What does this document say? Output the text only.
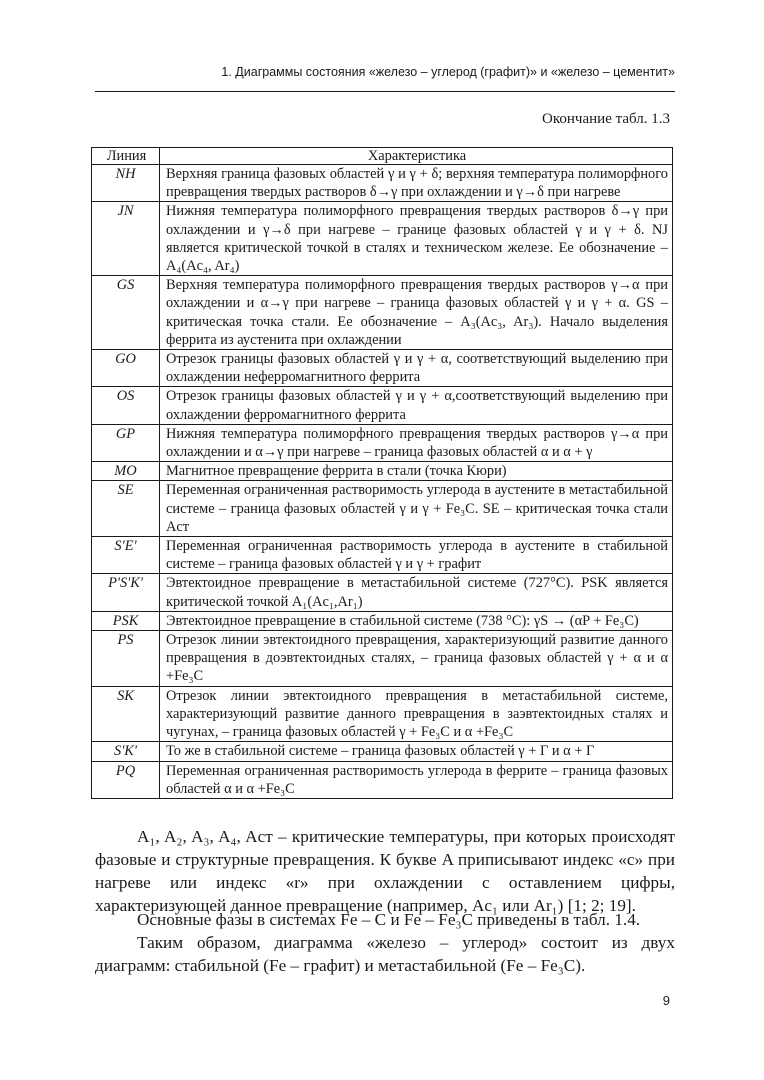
1. Диаграммы состояния «железо – углерод (графит)» и «железо – цементит»
Окончание табл. 1.3
Линия	Характеристика
NH	Верхняя граница фазовых областей γ и γ + δ; верхняя температура полиморфного превращения твердых растворов δ→γ при охлаждении и γ→δ при нагреве
JN	Нижняя температура полиморфного превращения твердых растворов δ→γ при охлаждении и γ→δ при нагреве – границе фазовых областей γ и γ + δ. NJ является критической точкой в сталях и техническом железе. Ее обозначение –A₄(Ac₄, Ar₄)
GS	Верхняя температура полиморфного превращения твердых растворов γ→α при охлаждении и α→γ при нагреве – граница фазовых областей γ и γ + α. GS – критическая точка стали. Ее обозначение – A₃(Ac₃, Ar₃). Начало выделения феррита из аустенита при охлаждении
GO	Отрезок границы фазовых областей γ и γ + α, соответствующий выделению при охлаждении неферромагнитного феррита
OS	Отрезок границы фазовых областей γ и γ + α,соответствующий выделению при охлаждении ферромагнитного феррита
GP	Нижняя температура полиморфного превращения твердых растворов γ→α при охлаждении и α→γ при нагреве – граница фазовых областей α и α + γ
MO	Магнитное превращение феррита в стали (точка Кюри)
SE	Переменная ограниченная растворимость углерода в аустените в метастабильной системе – граница фазовых областей γ и γ + Fe₃C. SE – критическая точка стали Aст
S'E'	Переменная ограниченная растворимость углерода в аустените в стабильной системе – граница фазовых областей γ и γ + графит
P'S'K'	Эвтектоидное превращение в метастабильной системе (727°C). PSK является критической точкой A₁(Ac₁,Ar₁)
PSK	Эвтектоидное превращение в стабильной системе (738 °C): γS → (αP + Fe₃C)
PS	Отрезок линии эвтектоидного превращения, характеризующий развитие данного превращения в доэвтектоидных сталях, – граница фазовых областей γ + α и α +Fe₃C
SK	Отрезок линии эвтектоидного превращения в метастабильной системе, характеризующий развитие данного превращения в заэвтектоидных сталях и чугунах, – граница фазовых областей γ + Fe₃C и α +Fe₃C
S'K'	То же в стабильной системе – граница фазовых областей γ + Г и α + Г
PQ	Переменная ограниченная растворимость углерода в феррите – граница фазовых областей α и α +Fe₃C

A₁, A₂, A₃, A₄, Aст – критические температуры, при которых происходят фазовые и структурные превращения. К букве A приписывают индекс «c» при нагреве или индекс «r» при охлаждении с оставлением цифры, характеризующей данное превращение (например, Ac₁ или Ar₁) [1; 2; 19].

Основные фазы в системах Fe – C и Fe – Fe₃C приведены в табл. 1.4.

Таким образом, диаграмма «железо – углерод» состоит из двух диаграмм: стабильной (Fe – графит) и метастабильной (Fe – Fe₃C).

9
